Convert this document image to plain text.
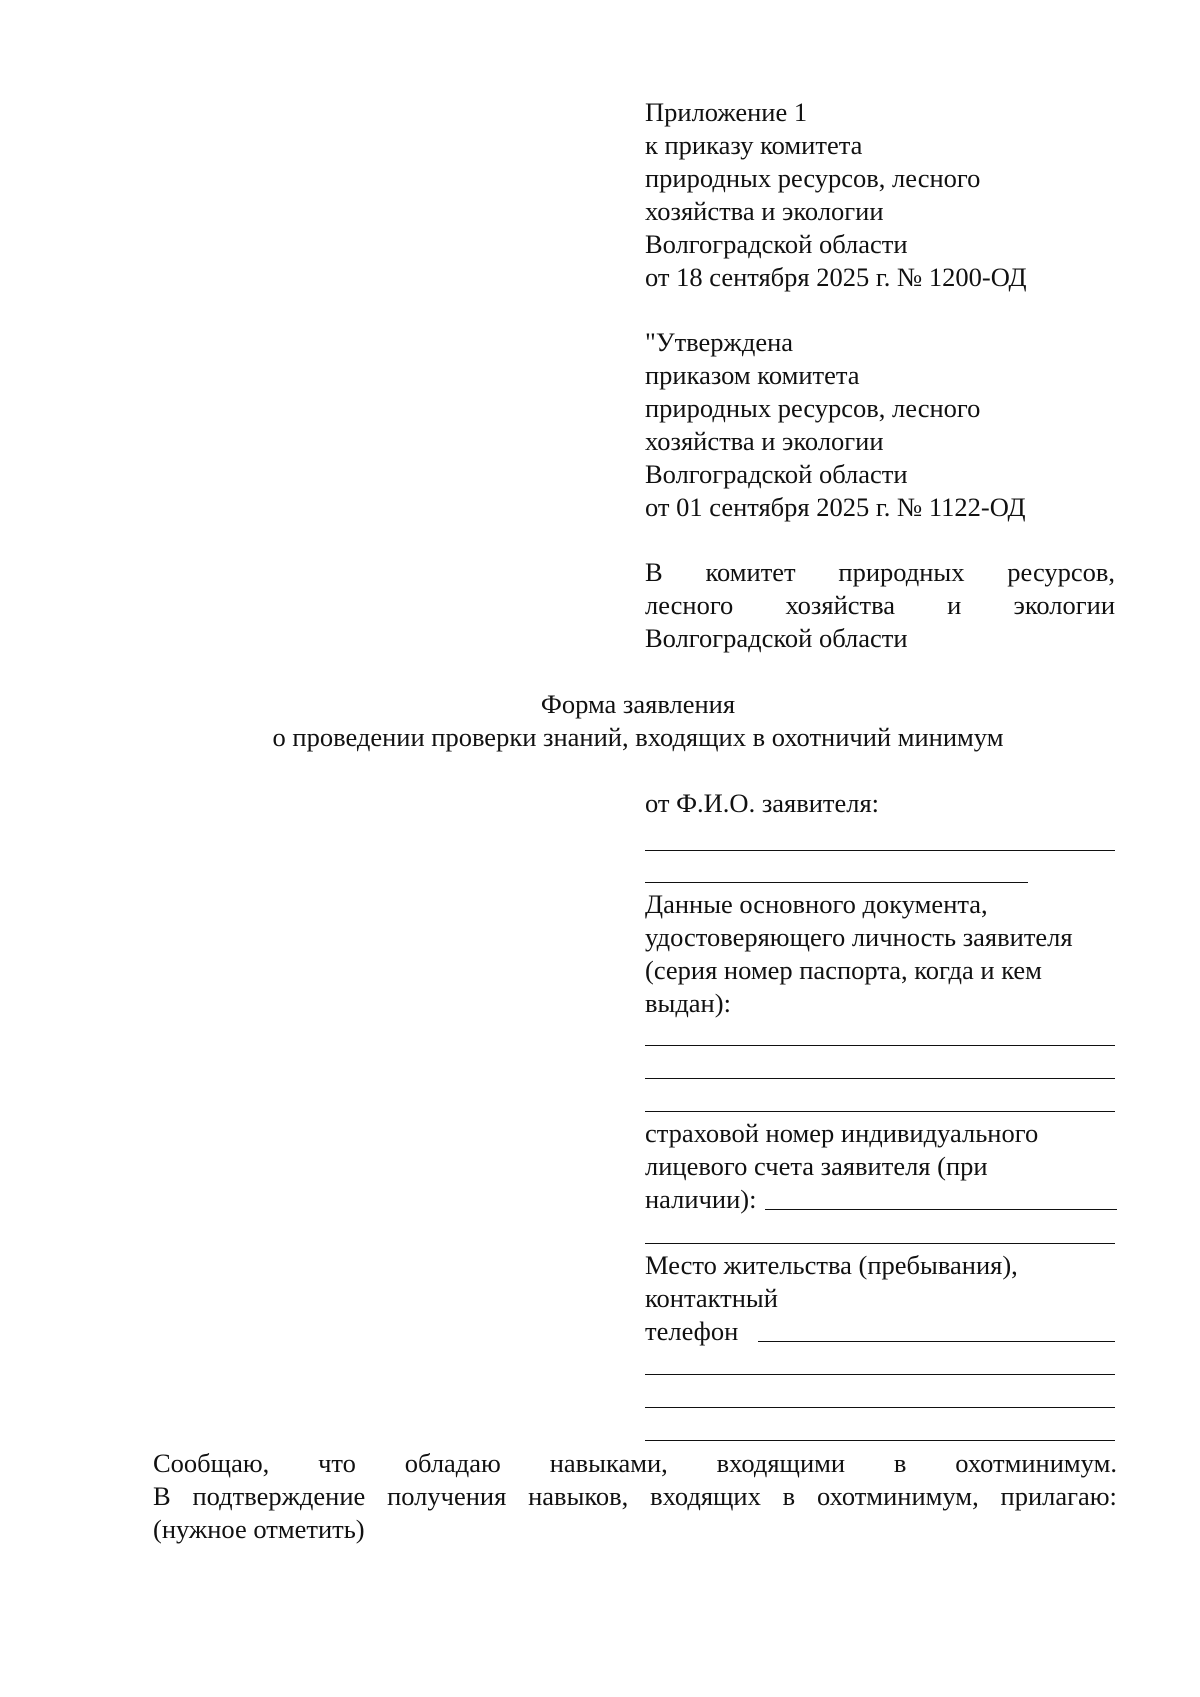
Приложение 1
к приказу комитета
природных ресурсов, лесного
хозяйства и экологии
Волгоградской области
от 18 сентября 2025 г. № 1200-ОД
"Утверждена
приказом комитета
природных ресурсов, лесного
хозяйства и экологии
Волгоградской области
от 01 сентября 2025 г. № 1122-ОД
В комитет природных ресурсов,
лесного хозяйства и экологии
Волгоградской области
Форма заявления
о проведении проверки знаний, входящих в охотничий минимум
от Ф.И.О. заявителя:
Данные основного документа,
удостоверяющего личность заявителя
(серия номер паспорта, когда и кем
выдан):
страховой номер индивидуального
лицевого счета заявителя (при
наличии):
Место жительства (пребывания),
контактный
телефон
Сообщаю, что обладаю навыками, входящими в охотминимум.
В подтверждение получения навыков, входящих в охотминимум, прилагаю:
(нужное отметить)
